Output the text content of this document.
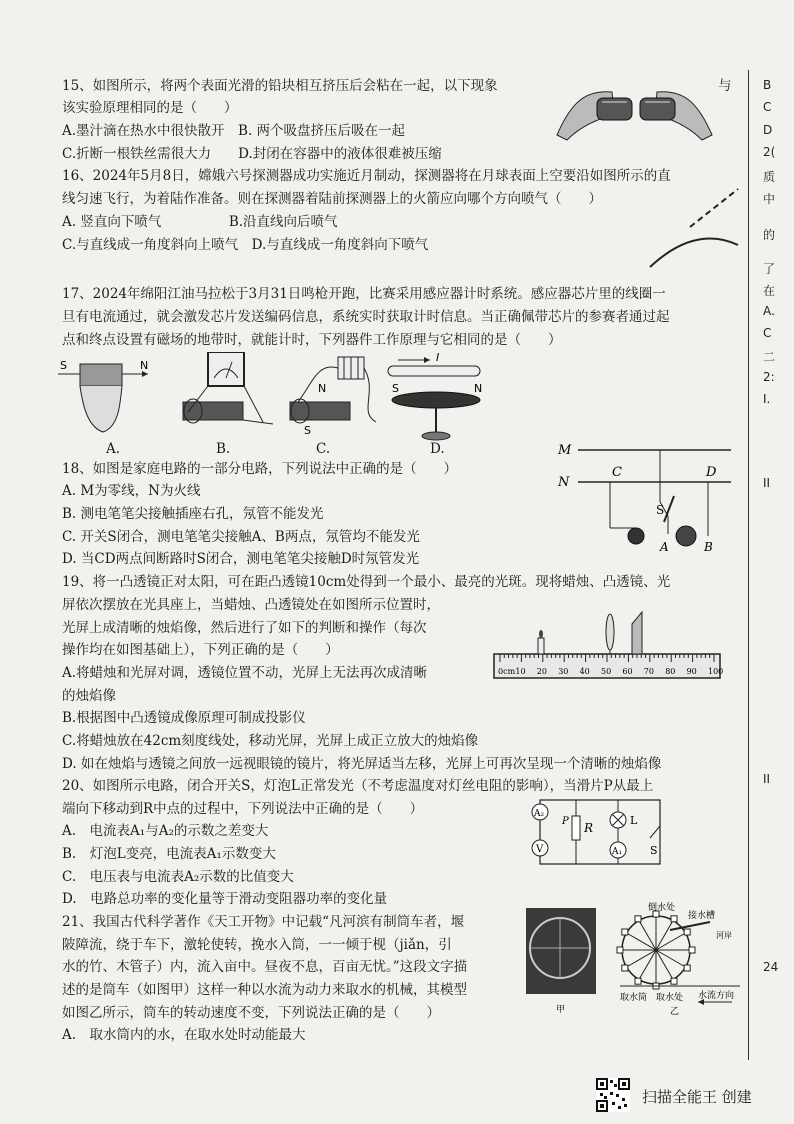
15、如图所示，将两个表面光滑的铅块相互挤压后会粘在一起，以下现象	与
该实验原理相同的是（　　）
A.墨汁滴在热水中很快散开　B. 两个吸盘挤压后吸在一起
C.折断一根铁丝需很大力　　D.封闭在容器中的液体很难被压缩
16、2024年5月8日，嫦娥六号探测器成功实施近月制动，探测器将在月球表面上空要沿如图所示的直
线匀速飞行，为着陆作准备。则在探测器着陆前探测器上的火箭应向哪个方向喷气（　　）
A. 竖直向下喷气　　　　　B.沿直线向后喷气
C.与直线成一角度斜向上喷气　D.与直线成一角度斜向下喷气
17、2024年绵阳江油马拉松于3月31日鸣枪开跑，比赛采用感应器计时系统。感应器芯片里的线圈一
旦有电流通过，就会激发芯片发送编码信息，系统实时获取计时信息。当正确佩带芯片的参赛者通过起
点和终点设置有磁场的地带时，就能计时，下列器件工作原理与它相同的是（　　）
S	N
N
S
I
S	N
A.	B.	C.	D.
18、如图是家庭电路的一部分电路，下列说法中正确的是（　　）
A. M为零线，N为火线
B. 测电笔笔尖接触插座右孔，氖管不能发光
C. 开关S闭合，测电笔笔尖接触A、B两点，氖管均不能发光
D. 当CD两点间断路时S闭合，测电笔笔尖接触D时氖管发光
M
N
C	D
S
A	B
19、将一凸透镜正对太阳，可在距凸透镜10cm处得到一个最小、最亮的光斑。现将蜡烛、凸透镜、光
屏依次摆放在光具座上，当蜡烛、凸透镜处在如图所示位置时，
光屏上成清晰的烛焰像，然后进行了如下的判断和操作（每次
操作均在如图基础上），下列正确的是（　　）
A.将蜡烛和光屏对调，透镜位置不动，光屏上无法再次成清晰
的烛焰像
B.根据图中凸透镜成像原理可制成投影仪
C.将蜡烛放在42cm刻度线处，移动光屏，光屏上成正立放大的烛焰像
D. 如在烛焰与透镜之间放一远视眼镜的镜片，将光屏适当左移，光屏上可再次呈现一个清晰的烛焰像
0cm 10 20 30 40 50 60 70 80 90 100
20、如图所示电路，闭合开关S，灯泡L正常发光（不考虑温度对灯丝电阻的影响），当滑片P从最上
端向下移动到R中点的过程中，下列说法中正确的是（　　）
A.　电流表A₁与A₂的示数之差变大
B.　灯泡L变亮，电流表A₁示数变大
C.　电压表与电流表A₂示数的比值变大
D.　电路总功率的变化量等于滑动变阻器功率的变化量
A₂
V
R
P	L
A₁	S
21、我国古代科学著作《天工开物》中记载“凡河滨有制筒车者，堰
陂障流，绕于车下，激轮使转，挽水入筒，一一倾于枧（jiǎn，引
水的竹、木管子）内，流入亩中。昼夜不息，百亩无忧。”这段文字描
述的是筒车（如图甲）这样一种以水流为动力来取水的机械，其模型
如图乙所示，筒车的转动速度不变，下列说法正确的是（　　）
A.　取水筒内的水，在取水处时动能最大
甲
倒水处
接水槽
河岸
取水筒 取水处 水流方向
乙
B
C
D
2(
质
中
的
了
在
A.
C
二
2:
I.
II
II
24
扫描全能王 创建
